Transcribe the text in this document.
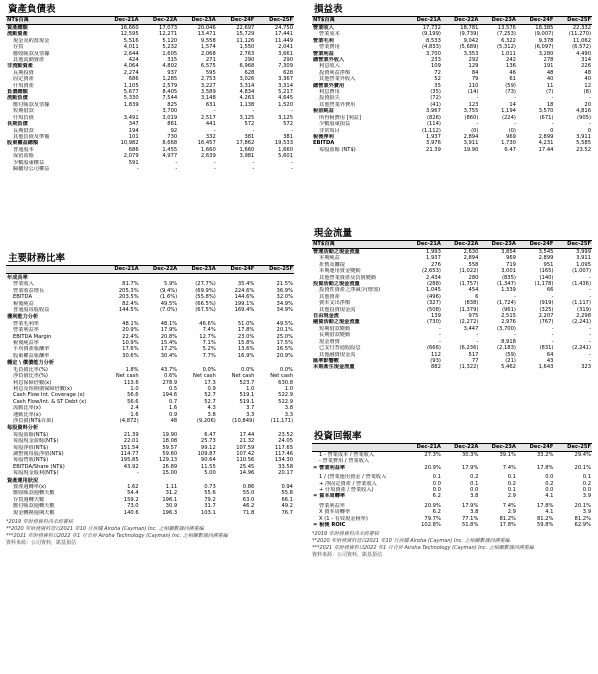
資產負債表
NT$百萬	Dec-21A	Dec-22A	Dec-23A	Dec-24F	Dec-25F
資產總額	16,660	17,073	20,046	22,697	24,750
流動資產	12,595	12,271	13,471	15,729	17,441
現金及約當現金	5,516	5,120	9,558	11,126	11,449
存貨	4,011	5,232	1,574	1,550	2,041
應收帳款及票據	2,644	1,605	2,068	2,763	3,661
其他流動資產	424	315	271	290	290
非流動資產	4,064	4,802	6,575	6,968	7,309
長期投資	2,274	937	595	628	628
固定資產	686	1,285	2,753	3,026	3,367
什項資產	1,105	2,579	3,227	3,314	3,314
負債總額	5,677	8,405	3,589	4,834	5,217
流動負債	5,330	7,544	3,148	4,263	4,645
應付帳款及票據	1,839	825	631	1,138	1,520
短期借款	-	3,700	-	-	-
什項負債	3,491	3,019	2,517	3,125	3,125
長期負債	347	861	441	572	572
長期借款	194	92	-	-	-
其他負債及準備	101	730	332	381	381
股東權益總額	10,982	8,668	16,457	17,862	19,533
普通股本	686	1,455	1,660	1,660	1,660
保留盈餘	2,079	4,977	2,639	3,981	5,601
少數股東權益	591	-	-	-	-
歸屬母公司權益	-	-	-	-	-
主要財務比率
	Dec-21A	Dec-22A	Dec-23A	Dec-24F	Dec-25F
年成長率					
營業收入	81.7%	5.9%	(27.7%)	35.4%	21.5%
營業收益增長	205.3%	(9.4%)	(69.9%)	224.6%	36.9%
EBITDA	203.5%	(1.6%)	(55.8%)	144.6%	32.0%
稅後純益	82.4%	49.5%	(66.5%)	199.1%	34.9%
普通股每股收益	144.5%	(7.0%)	(67.5%)	169.4%	34.9%
獲利能力分析					
營業毛利率	48.1%	48.1%	46.6%	51.0%	49.5%
營業利益率	20.9%	17.9%	7.4%	17.8%	20.1%
EBITDA Margin	22.4%	20.8%	12.7%	23.0%	25.0%
稅後純益率	10.9%	15.4%	7.1%	15.8%	17.5%
平均資產報酬率	17.6%	17.2%	5.2%	13.6%	16.5%
股東權益報酬率	30.6%	30.4%	7.7%	16.9%	20.9%
穩定 \ 償債能力分析					
毛負債比率(%)	1.8%	43.7%	0.0%	0.0%	0.0%
淨負債比率(%)	Net cash	0.6%	Net cash	Net cash	Net cash
利息保障倍數(x)	113.6	278.9	17.3	523.7	630.8
利息及短期債保障倍數(x)	1.0	0.5	0.9	1.0	1.0
Cash Flow Int. Coverage (x)	56.6	194.6	52.7	519.1	522.9
Cash Flow/Int. & ST Debt (x)	56.6	0.7	52.7	519.1	522.9
流動比率(x)	2.4	1.6	4.3	3.7	3.8
速動比率(x)	1.6	0.9	3.8	3.3	3.3
淨負債(NT$百萬)	(4,872)	48	(9,206)	(10,849)	(11,171)
每股資料分析					
每股盈餘(NT$)	21.39	19.90	6.47	17.44	23.52
每股現金盈餘(NT$)	22.01	18.08	25.73	21.32	24.05
每股淨值(NT$)	151.54	59.57	99.12	107.59	117.65
調整後每股淨值(NT$)	114.77	59.60	109.87	107.42	117.46
每股營收(NT$)	195.85	129.13	90.64	110.56	134.30
EBITDA/Share (NT$)	43.92	26.89	11.55	25.45	33.58
每股現金股利(NT$)	-	15.00	5.00	14.96	20.17
資產運用狀況					
資產週轉率(x)	1.62	1.11	0.73	0.86	0.94
應收帳款週轉天數	54.4	31.2	55.6	55.0	55.8
存貨週轉天數	159.2	196.1	79.2	63.0	66.1
應付帳款週轉天數	73.0	30.9	31.7	46.2	49.2
現金轉換週期天數	140.6	196.3	103.1	71.8	76.7
*2019 年財務資料尚未經審核
**2020 年財務資料皆以2021 年10 月併購 Airoha (Cayman) Inc. 之相關數據回溯重編
***2021 年財務資料以2022 年1 月合併 Airoha Technology (Cayman) Inc. 之相關數據回溯重編
資料來源：公司資料，凱基預估
損益表
NT$百萬	Dec-21A	Dec-22A	Dec-23A	Dec-24F	Dec-25F
營業收入	17,732	18,781	13,576	18,385	22,332
營業成本	(9,199)	(9,739)	(7,253)	(9,007)	(11,270)
營業毛利	8,533	9,042	6,322	9,378	11,062
營業費用	(4,833)	(5,689)	(5,312)	(6,097)	(6,572)
營業利益	3,700	3,353	1,011	3,280	4,490
總營業外收入	233	292	242	278	314
利息收入	109	129	136	191	226
投資利益淨額	72	84	46	48	48
其他營業外收入	52	79	61	40	40
總營業外費用	35	110	(59)	11	12
利息費用	(35)	(14)	(73)	(7)	(8)
投資損失	(72)	-	-	-	-
其他營業外費用	(41)	123	14	18	20
稅前純益	3,967	3,755	1,194	3,570	4,816
所得稅費用 [利益]	(826)	(860)	(224)	(671)	(905)
少數股東損益	(114)	-	-	-	-
非常項目	(1,112)	(0)	(0)	0	0
稅後淨利	1,937	2,894	969	2,899	3,911
EBITDA	3,976	3,911	1,730	4,231	5,585
每股盈餘 (NT$)	21.39	19.90	6.47	17.44	23.52
現金流量
NT$百萬	Dec-21A	Dec-22A	Dec-23A	Dec-24F	Dec-25F
營運活動之現金流量	1,993	2,630	3,854	3,545	3,999
本期純益	1,937	2,894	969	2,899	3,911
折舊及攤提	276	558	719	951	1,095
本期運用資金變動	(2,653)	(1,022)	3,001	(165)	(1,007)
其他營業資產及負債變動	2,434	280	(835)	(140)	-
投資活動之現金流量	(288)	(1,757)	(1,347)	(1,178)	(1,436)
投資性資產之淨減少(增加)	1,045	454	1,339	66	-
其他資產	(496)	6	-	-	-
資本支出淨額	(327)	(838)	(1,724)	(919)	(1,117)
其他投資現金流	(508)	(1,379)	(961)	(325)	(319)
自由現金流	139	975	2,515	2,207	2,298
融資活動之現金流量	(730)	(2,272)	2,976	(767)	(2,241)
短期借款變動	-	3,447	(3,700)	-	-
長期借款變動	-	-	-	-	-
現金增資	-	-	8,918	-	-
已支付普通股股息	(666)	(6,236)	(2,183)	(831)	(2,241)
其他融資現金流	112	517	(59)	64	-
匯率影響數	(93)	77	(21)	43	-
本期產生現金流量	882	(1,322)	5,462	1,643	323
投資回報率
	Dec-21A	Dec-22A	Dec-23A	Dec-24F	Dec-25F
1 - 營業成本 / 營業收入	27.3%	30.3%	39.1%	33.2%	29.4%
- 營業費用 / 營業收入					
= 營業利益率	20.9%	17.9%	7.4%	17.8%	20.1%

1 / (營業運用資金 / 營業收入	0.1	0.2	0.1	0.0	0.1
+ 淨固定資產 / 營業收入	0.0	0.1	0.2	0.2	0.2
+ 什項資產 / 營業收入)	0.0	0.0	0.1	0.0	0.0
= 資本周轉率	6.2	3.8	2.9	4.1	3.9

營業利益率	20.9%	17.9%	7.4%	17.8%	20.1%
X 資本周轉率	6.2	3.8	2.9	4.1	3.9
X (1 - 有效現金稅率)	79.7%	77.1%	81.2%	81.2%	81.2%
= 稅後 ROIC	102.8%	51.8%	17.8%	59.8%	62.9%
*2019 年財務資料尚未經審核
**2020 年財務資料皆以2021 年10 月併購 Airoha (Cayman) Inc. 之相關數據回溯重編
***2021 年財務資料以2022 年1 月合併 Airoha Technology (Cayman) Inc. 之相關數據回溯重編
資料來源：公司資料，凱基預估
